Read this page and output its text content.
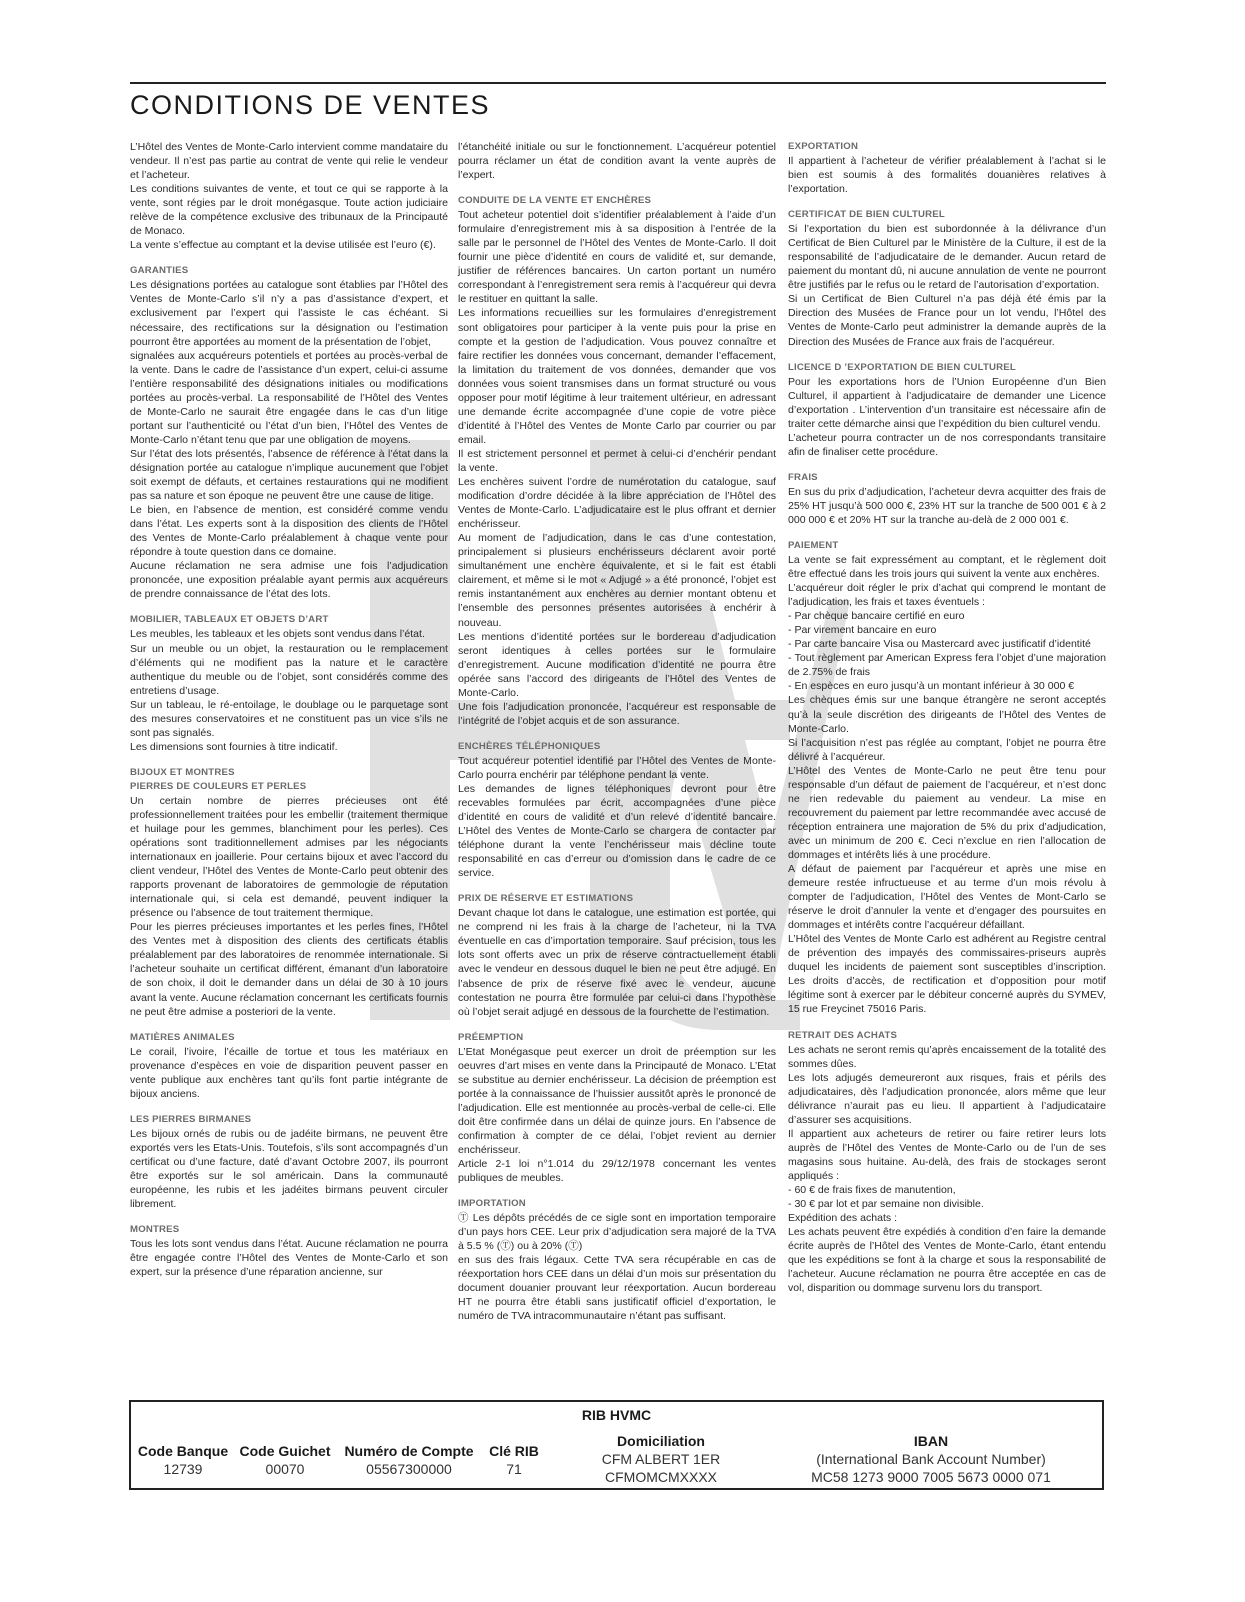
CONDITIONS DE VENTES

L’Hôtel des Ventes de Monte-Carlo intervient comme mandataire du vendeur. Il n’est pas partie au contrat de vente qui relie le vendeur et l’acheteur.

Les conditions suivantes de vente, et tout ce qui se rapporte à la vente, sont régies par le droit monégasque. Toute action judiciaire relève de la compétence exclusive des tribunaux de la Principauté de Monaco.

La vente s’effectue au comptant et la devise utilisée est l’euro (€).

GARANTIES

Les désignations portées au catalogue sont établies par l’Hôtel des Ventes de Monte-Carlo s’il n’y a pas d’assistance d’expert, et exclusivement par l’expert qui l’assiste le cas échéant. Si nécessaire, des rectifications sur la désignation ou l’estimation pourront être apportées au moment de la présentation de l’objet,

signalées aux acquéreurs potentiels et portées au procès-verbal de la vente. Dans le cadre de l’assistance d’un expert, celui-ci assume l’entière responsabilité des désignations initiales ou modifications portées au procès-verbal. La responsabilité de l’Hôtel des Ventes de Monte-Carlo ne saurait être engagée dans le cas d’un litige portant sur l’authenticité ou l’état d’un bien, l’Hôtel des Ventes de Monte-Carlo n’étant tenu que par une obligation de moyens.

Sur l’état des lots présentés, l’absence de référence à l’état dans la désignation portée au catalogue n’implique aucunement que l’objet soit exempt de défauts, et certaines restaurations qui ne modifient pas sa nature et son époque ne peuvent être une cause de litige.

Le bien, en l’absence de mention, est considéré comme vendu dans l’état. Les experts sont à la disposition des clients de l’Hôtel des Ventes de Monte-Carlo préalablement à chaque vente pour répondre à toute question dans ce domaine.

Aucune réclamation ne sera admise une fois l’adjudication prononcée, une exposition préalable ayant permis aux acquéreurs de prendre connaissance de l’état des lots.

MOBILIER, TABLEAUX ET OBJETS D’ART

Les meubles, les tableaux et les objets sont vendus dans l’état.

Sur un meuble ou un objet, la restauration ou le remplacement d’éléments qui ne modifient pas la nature et le caractère authentique du meuble ou de l’objet, sont considérés comme des entretiens d’usage.

Sur un tableau, le ré-entoilage, le doublage ou le parquetage sont des mesures conservatoires et ne constituent pas un vice s’ils ne sont pas signalés.

Les dimensions sont fournies à titre indicatif.

BIJOUX ET MONTRES
PIERRES DE COULEURS ET PERLES

Un certain nombre de pierres précieuses ont été professionnellement traitées pour les embellir (traitement thermique et huilage pour les gemmes, blanchiment pour les perles). Ces opérations sont traditionnellement admises par les négociants internationaux en joaillerie. Pour certains bijoux et avec l’accord du client vendeur, l’Hôtel des Ventes de Monte-Carlo peut obtenir des rapports provenant de laboratoires de gemmologie de réputation internationale qui, si cela est demandé, peuvent indiquer la présence ou l’absence de tout traitement thermique.

Pour les pierres précieuses importantes et les perles fines, l’Hôtel des Ventes met à disposition des clients des certificats établis préalablement par des laboratoires de renommée internationale. Si l’acheteur souhaite un certificat différent, émanant d’un laboratoire de son choix, il doit le demander dans un délai de 30 à 10 jours avant la vente. Aucune réclamation concernant les certificats fournis ne peut être admise a posteriori de la vente.

MATIÈRES ANIMALES

Le corail, l’ivoire, l’écaille de tortue et tous les matériaux en provenance d’espèces en voie de disparition peuvent passer en vente publique aux enchères tant qu’ils font partie intégrante de bijoux anciens.

LES PIERRES BIRMANES

Les bijoux ornés de rubis ou de jadéite birmans, ne peuvent être exportés vers les Etats-Unis. Toutefois, s’ils sont accompagnés d’un certificat ou d’une facture, daté d’avant Octobre 2007, ils pourront être exportés sur le sol américain. Dans la communauté européenne, les rubis et les jadéites birmans peuvent circuler librement.

MONTRES

Tous les lots sont vendus dans l’état. Aucune réclamation ne pourra être engagée contre l’Hôtel des Ventes de Monte-Carlo et son expert, sur la présence d’une réparation ancienne, sur

l’étanchéité initiale ou sur le fonctionnement. L’acquéreur potentiel pourra réclamer un état de condition avant la vente auprès de l’expert.

CONDUITE DE LA VENTE ET ENCHÈRES

Tout acheteur potentiel doit s’identifier préalablement à l’aide d’un formulaire d’enregistrement mis à sa disposition à l’entrée de la salle par le personnel de l’Hôtel des Ventes de Monte-Carlo. Il doit fournir une pièce d’identité en cours de validité et, sur demande, justifier de références bancaires. Un carton portant un numéro correspondant à l’enregistrement sera remis à l’acquéreur qui devra le restituer en quittant la salle.

Les informations recueillies sur les formulaires d’enregistrement sont obligatoires pour participer à la vente puis pour la prise en compte et la gestion de l’adjudication. Vous pouvez connaître et faire rectifier les données vous concernant, demander l’effacement, la limitation du traitement de vos données, demander que vos données vous soient transmises dans un format structuré ou vous opposer pour motif légitime à leur traitement ultérieur, en adressant une demande écrite accompagnée d’une copie de votre pièce d’identité à l’Hôtel des Ventes de Monte Carlo par courrier ou par email.

Il est strictement personnel et permet à celui-ci d’enchérir pendant la vente.

Les enchères suivent l’ordre de numérotation du catalogue, sauf modification d’ordre décidée à la libre appréciation de l’Hôtel des Ventes de Monte-Carlo. L’adjudicataire est le plus offrant et dernier enchérisseur.

Au moment de l’adjudication, dans le cas d’une contestation, principalement si plusieurs enchérisseurs déclarent avoir porté simultanément une enchère équivalente, et si le fait est établi clairement, et même si le mot « Adjugé » a été prononcé, l’objet est remis instantanément aux enchères au dernier montant obtenu et l’ensemble des personnes présentes autorisées à enchérir à nouveau.

Les mentions d’identité portées sur le bordereau d’adjudication seront identiques à celles portées sur le formulaire d’enregistrement. Aucune modification d’identité ne pourra être opérée sans l’accord des dirigeants de l’Hôtel des Ventes de Monte-Carlo.

Une fois l’adjudication prononcée, l’acquéreur est responsable de l’intégrité de l’objet acquis et de son assurance.

ENCHÈRES TÉLÉPHONIQUES

Tout acquéreur potentiel identifié par l’Hôtel des Ventes de Monte-Carlo pourra enchérir par téléphone pendant la vente.

Les demandes de lignes téléphoniques devront pour être recevables formulées par écrit, accompagnées d’une pièce d’identité en cours de validité et d’un relevé d’identité bancaire. L’Hôtel des Ventes de Monte-Carlo se chargera de contacter par téléphone durant la vente l’enchérisseur mais décline toute responsabilité en cas d’erreur ou d’omission dans le cadre de ce service.

PRIX DE RÉSERVE ET ESTIMATIONS

Devant chaque lot dans le catalogue, une estimation est portée, qui ne comprend ni les frais à la charge de l’acheteur, ni la TVA éventuelle en cas d’importation temporaire. Sauf précision, tous les lots sont offerts avec un prix de réserve contractuellement établi avec le vendeur en dessous duquel le bien ne peut être adjugé. En l’absence de prix de réserve fixé avec le vendeur, aucune contestation ne pourra être formulée par celui-ci dans l’hypothèse où l’objet serait adjugé en dessous de la fourchette de l’estimation.

PRÉEMPTION

L’Etat Monégasque peut exercer un droit de préemption sur les oeuvres d’art mises en vente dans la Principauté de Monaco. L’Etat se substitue au dernier enchérisseur. La décision de préemption est portée à la connaissance de l’huissier aussitôt après le prononcé de l’adjudication. Elle est mentionnée au procès-verbal de celle-ci. Elle doit être confirmée dans un délai de quinze jours. En l’absence de confirmation à compter de ce délai, l’objet revient au dernier enchérisseur.

Article 2-1 loi n°1.014 du 29/12/1978 concernant les ventes publiques de meubles.

IMPORTATION

Ⓣ Les dépôts précédés de ce sigle sont en importation temporaire d’un pays hors CEE. Leur prix d’adjudication sera majoré de la TVA à 5.5 % (Ⓣ) ou à 20% (Ⓣ)

en sus des frais légaux. Cette TVA sera récupérable en cas de réexportation hors CEE dans un délai d’un mois sur présentation du document douanier prouvant leur réexportation. Aucun bordereau HT ne pourra être établi sans justificatif officiel d’exportation, le numéro de TVA intracommunautaire n’étant pas suffisant.

EXPORTATION

Il appartient à l’acheteur de vérifier préalablement à l’achat si le bien est soumis à des formalités douanières relatives à l’exportation.

CERTIFICAT DE BIEN CULTUREL

Si l’exportation du bien est subordonnée à la délivrance d’un Certificat de Bien Culturel par le Ministère de la Culture, il est de la responsabilité de l’adjudicataire de le demander. Aucun retard de paiement du montant dû, ni aucune annulation de vente ne pourront être justifiés par le refus ou le retard de l’autorisation d’exportation.

Si un Certificat de Bien Culturel n’a pas déjà été émis par la Direction des Musées de France pour un lot vendu, l’Hôtel des Ventes de Monte-Carlo peut administrer la demande auprès de la Direction des Musées de France aux frais de l’acquéreur.

LICENCE D ’EXPORTATION DE BIEN CULTUREL

Pour les exportations hors de l’Union Européenne d’un Bien Culturel, il appartient à l’adjudicataire de demander une Licence d’exportation . L’intervention d’un transitaire est nécessaire afin de traiter cette démarche ainsi que l’expédition du bien culturel vendu.

L’acheteur pourra contracter un de nos correspondants transitaire afin de finaliser cette procédure.

FRAIS

En sus du prix d’adjudication, l’acheteur devra acquitter des frais de 25% HT jusqu’à 500 000 €, 23% HT sur la tranche de 500 001 € à 2 000 000 € et 20% HT sur la tranche au-delà de 2 000 001 €.

PAIEMENT

La vente se fait expressément au comptant, et le règlement doit être effectué dans les trois jours qui suivent la vente aux enchères.

L’acquéreur doit régler le prix d’achat qui comprend le montant de l’adjudication, les frais et taxes éventuels :

- Par chèque bancaire certifié en euro

- Par virement bancaire en euro

- Par carte bancaire Visa ou Mastercard avec justificatif d’identité

- Tout règlement par American Express fera l’objet d’une majoration de 2.75% de frais

- En espèces en euro jusqu’à un montant inférieur à 30 000 €

Les chèques émis sur une banque étrangère ne seront acceptés qu’à la seule discrétion des dirigeants de l’Hôtel des Ventes de Monte-Carlo.

Si l’acquisition n’est pas réglée au comptant, l’objet ne pourra être délivré à l’acquéreur.

L’Hôtel des Ventes de Monte-Carlo ne peut être tenu pour responsable d’un défaut de paiement de l’acquéreur, et n’est donc ne rien redevable du paiement au vendeur. La mise en recouvrement du paiement par lettre recommandée avec accusé de réception entrainera une majoration de 5% du prix d’adjudication, avec un minimum de 200 €. Ceci n’exclue en rien l’allocation de dommages et intérêts liés à une procédure.

A défaut de paiement par l’acquéreur et après une mise en demeure restée infructueuse et au terme d’un mois révolu à compter de l’adjudication, l’Hôtel des Ventes de Mont-Carlo se réserve le droit d’annuler la vente et d’engager des poursuites en dommages et intérêts contre l’acquéreur défaillant.

L’Hôtel des Ventes de Monte Carlo est adhérent au Registre central de prévention des impayés des commissaires-priseurs auprès duquel les incidents de paiement sont susceptibles d’inscription. Les droits d’accès, de rectification et d’opposition pour motif légitime sont à exercer par le débiteur concerné auprès du SYMEV, 15 rue Freycinet 75016 Paris.

RETRAIT DES ACHATS

Les achats ne seront remis qu’après encaissement de la totalité des sommes dûes.

Les lots adjugés demeureront aux risques, frais et périls des adjudicataires, dès l’adjudication prononcée, alors même que leur délivrance n’aurait pas eu lieu. Il appartient à l’adjudicataire d’assurer ses acquisitions.

Il appartient aux acheteurs de retirer ou faire retirer leurs lots auprès de l’Hôtel des Ventes de Monte-Carlo ou de l’un de ses magasins sous huitaine. Au-delà, des frais de stockages seront appliqués :

- 60 € de frais fixes de manutention,

- 30 € par lot et par semaine non divisible.

Expédition des achats :

Les achats peuvent être expédiés à condition d’en faire la demande écrite auprès de l’Hôtel des Ventes de Monte-Carlo, étant entendu que les expéditions se font à la charge et sous la responsabilité de l’acheteur. Aucune réclamation ne pourra être acceptée en cas de vol, disparition ou dommage survenu lors du transport.

RIB HVMC
Code Banque
12739
Code Guichet
00070
Numéro de Compte
05567300000
Clé RIB
71
Domiciliation
CFM ALBERT 1ER
CFMOMCMXXXX
IBAN
(International Bank Account Number)
MC58 1273 9000 7005 5673 0000 071
